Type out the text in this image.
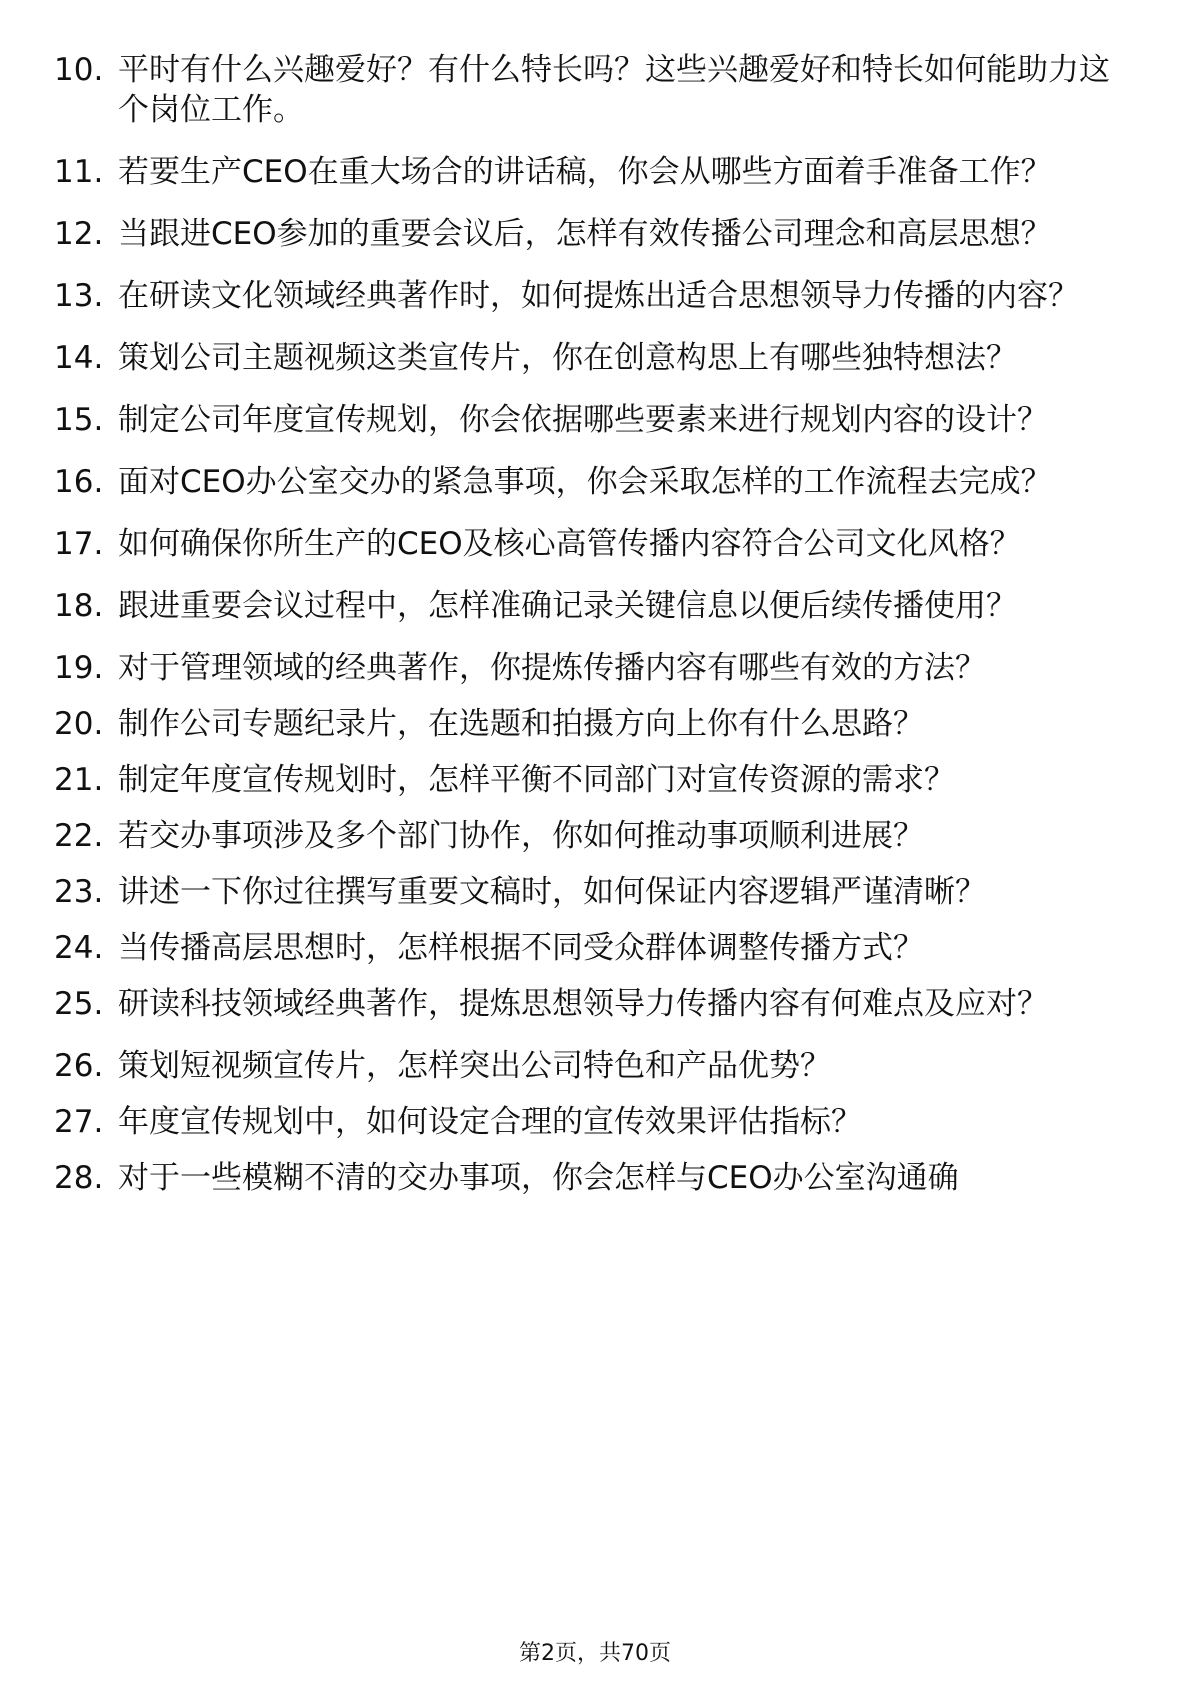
10. 平时有什么兴趣爱好？有什么特长吗？这些兴趣爱好和特长如何能助力这个岗位工作。
11. 若要生产CEO在重大场合的讲话稿，你会从哪些方面着手准备工作？
12. 当跟进CEO参加的重要会议后，怎样有效传播公司理念和高层思想？
13. 在研读文化领域经典著作时，如何提炼出适合思想领导力传播的内容？
14. 策划公司主题视频这类宣传片，你在创意构思上有哪些独特想法？
15. 制定公司年度宣传规划，你会依据哪些要素来进行规划内容的设计？
16. 面对CEO办公室交办的紧急事项，你会采取怎样的工作流程去完成？
17. 如何确保你所生产的CEO及核心高管传播内容符合公司文化风格？
18. 跟进重要会议过程中，怎样准确记录关键信息以便后续传播使用？
19. 对于管理领域的经典著作，你提炼传播内容有哪些有效的方法？
20. 制作公司专题纪录片，在选题和拍摄方向上你有什么思路？
21. 制定年度宣传规划时，怎样平衡不同部门对宣传资源的需求？
22. 若交办事项涉及多个部门协作，你如何推动事项顺利进展？
23. 讲述一下你过往撰写重要文稿时，如何保证内容逻辑严谨清晰？
24. 当传播高层思想时，怎样根据不同受众群体调整传播方式？
25. 研读科技领域经典著作，提炼思想领导力传播内容有何难点及应对？
26. 策划短视频宣传片，怎样突出公司特色和产品优势？
27. 年度宣传规划中，如何设定合理的宣传效果评估指标？
28. 对于一些模糊不清的交办事项，你会怎样与CEO办公室沟通确
第2页，共70页
